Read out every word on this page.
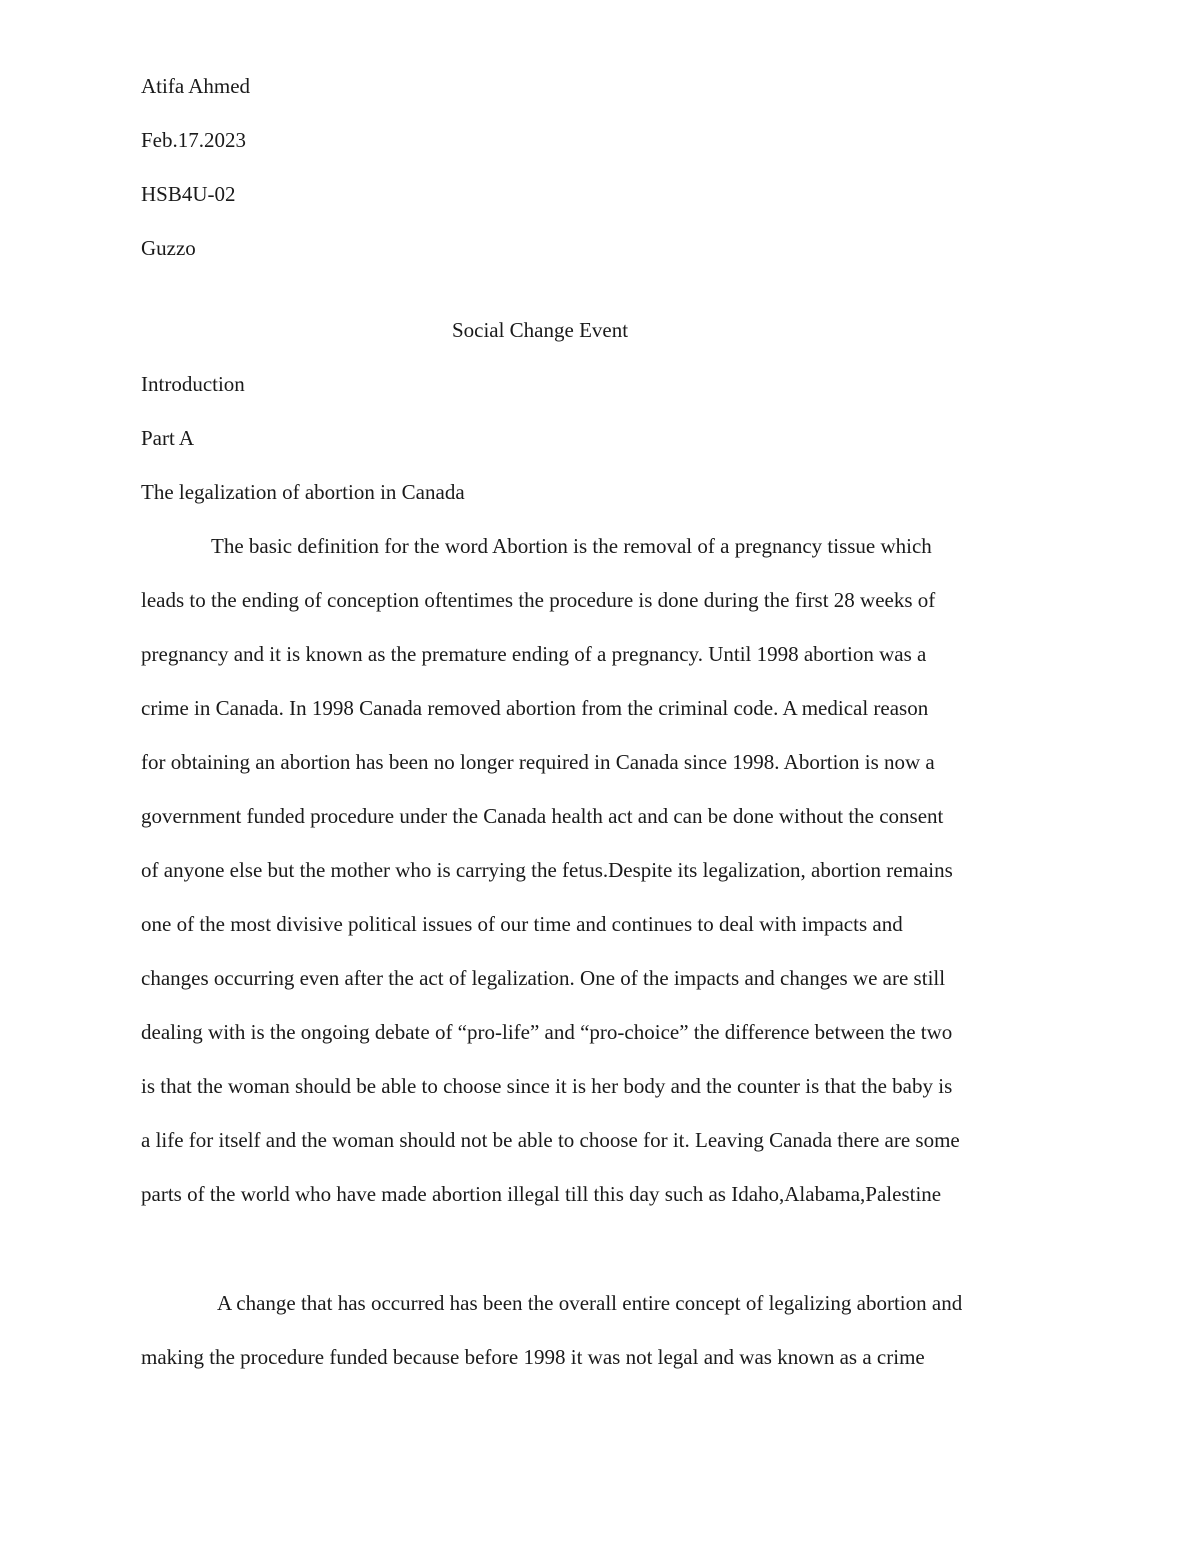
Atifa Ahmed
Feb.17.2023
HSB4U-02
Guzzo
Social Change Event
Introduction
Part A
The legalization of abortion in Canada
The basic definition for the word Abortion is the removal of a pregnancy tissue which
leads to the ending of conception oftentimes the procedure is done during the first 28 weeks of
pregnancy and it is known as the premature ending of a pregnancy. Until 1998 abortion was a
crime in Canada. In 1998 Canada removed abortion from the criminal code. A medical reason
for obtaining an abortion has been no longer required in Canada since 1998. Abortion is now a
government funded procedure under the Canada health act and can be done without the consent
of anyone else but the mother who is carrying the fetus.Despite its legalization, abortion remains
one of the most divisive political issues of our time and continues to deal with impacts and
changes occurring even after the act of legalization. One of the impacts and changes we are still
dealing with is the ongoing debate of “pro-life” and “pro-choice” the difference between the two
is that the woman should be able to choose since it is her body and the counter is that the baby is
a life for itself and the woman should not be able to choose for it. Leaving Canada there are some
parts of the world who have made abortion illegal till this day such as Idaho,Alabama,Palestine
A change that has occurred has been the overall entire concept of legalizing abortion and
making the procedure funded because before 1998 it was not legal and was known as a crime
